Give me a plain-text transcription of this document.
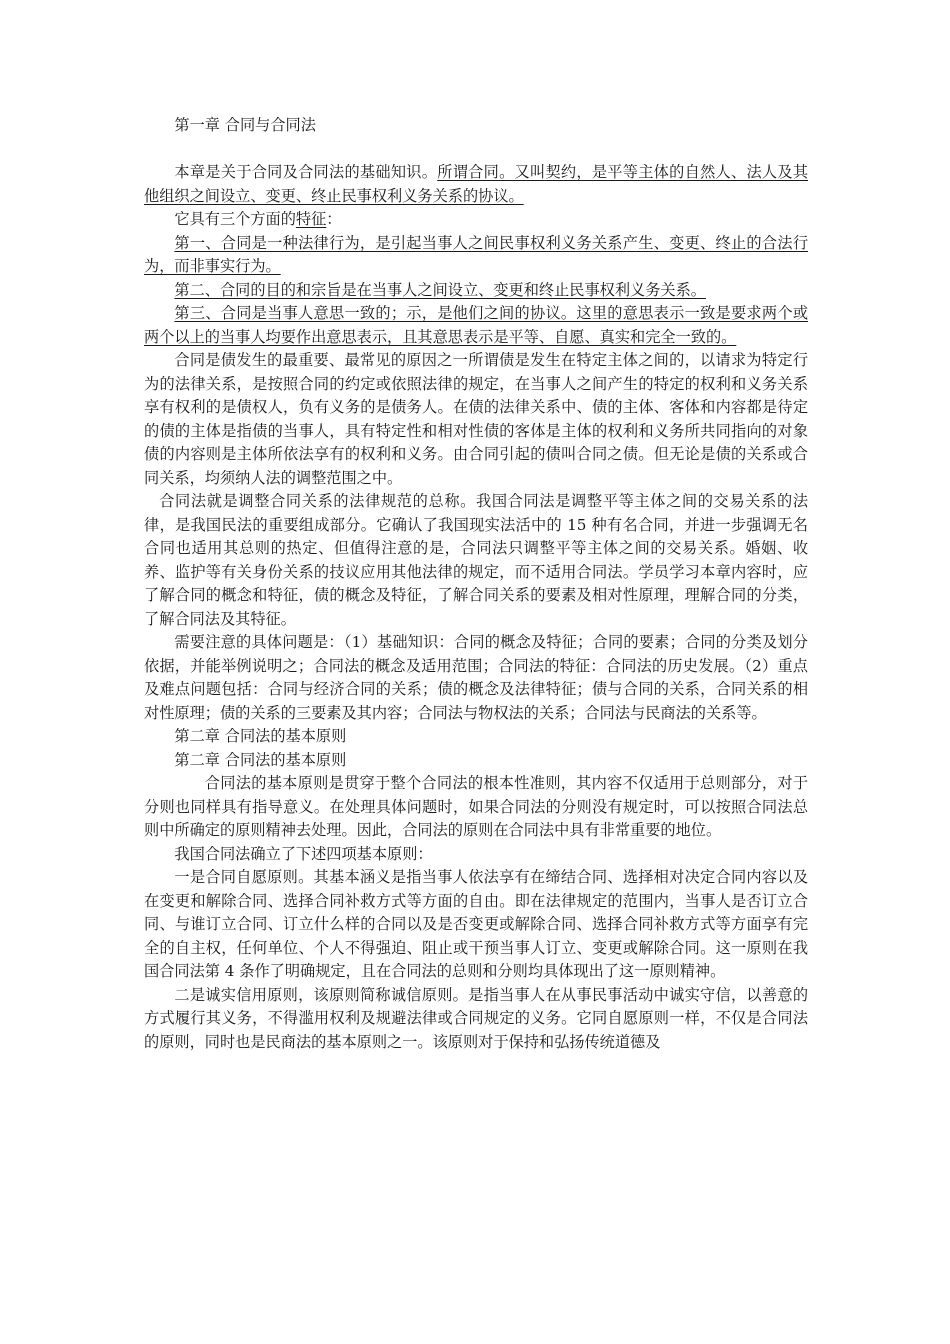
第一章 合同与合同法

本章是关于合同及合同法的基础知识。所谓合同。又叫契约，是平等主体的自然人、法人及其他组织之间设立、变更、终止民事权利义务关系的协议。

它具有三个方面的特征：

第一、合同是一种法律行为，是引起当事人之间民事权利义务关系产生、变更、终止的合法行为，而非事实行为。

第二、合同的目的和宗旨是在当事人之间设立、变更和终止民事权利义务关系。

第三、合同是当事人意思一致的；示，是他们之间的协议。这里的意思表示一致是要求两个或两个以上的当事人均要作出意思表示，且其意思表示是平等、自愿、真实和完全一致的。

合同是债发生的最重要、最常见的原因之一所谓债是发生在特定主体之间的，以请求为特定行为的法律关系，是按照合同的约定或依照法律的规定，在当事人之间产生的特定的权利和义务关系享有权利的是债权人，负有义务的是债务人。在债的法律关系中、债的主体、客体和内容都是待定的债的主体是指债的当事人，具有特定性和相对性债的客体是主体的权利和义务所共同指向的对象债的内容则是主体所依法享有的权利和义务。由合同引起的债叫合同之债。但无论是债的关系或合同关系，均须纳人法的调整范围之中。

合同法就是调整合同关系的法律规范的总称。我国合同法是调整平等主体之间的交易关系的法律，是我国民法的重要组成部分。它确认了我国现实法活中的 15 种有名合同，并进一步强调无名合同也适用其总则的热定、但值得注意的是，合同法只调整平等主体之间的交易关系。婚姻、收养、监护等有关身份关系的技议应用其他法律的规定，而不适用合同法。学员学习本章内容时，应了解合同的概念和特征，债的概念及特征，了解合同关系的要素及相对性原理，理解合同的分类，了解合同法及其特征。

需要注意的具体问题是：（1）基础知识：合同的概念及特征；合同的要素；合同的分类及划分依据，并能举例说明之；合同法的概念及适用范围；合同法的特征：合同法的历史发展。（2）重点及难点问题包括：合同与经济合同的关系；债的概念及法律特征；债与合同的关系，合同关系的相对性原理；债的关系的三要素及其内容；合同法与物权法的关系；合同法与民商法的关系等。

第二章 合同法的基本原则

第二章 合同法的基本原则

合同法的基本原则是贯穿于整个合同法的根本性准则，其内容不仅适用于总则部分，对于分则也同样具有指导意义。在处理具体问题时，如果合同法的分则没有规定时，可以按照合同法总则中所确定的原则精神去处理。因此，合同法的原则在合同法中具有非常重要的地位。

我国合同法确立了下述四项基本原则：

一是合同自愿原则。其基本涵义是指当事人依法享有在缔结合同、选择相对决定合同内容以及在变更和解除合同、选择合同补救方式等方面的自由。即在法律规定的范围内，当事人是否订立合同、与谁订立合同、订立什么样的合同以及是否变更或解除合同、选择合同补救方式等方面享有完全的自主权，任何单位、个人不得强迫、阻止或干预当事人订立、变更或解除合同。这一原则在我国合同法第 4 条作了明确规定，且在合同法的总则和分则均具体现出了这一原则精神。

二是诚实信用原则，该原则简称诚信原则。是指当事人在从事民事活动中诚实守信，以善意的方式履行其义务，不得滥用权利及规避法律或合同规定的义务。它同自愿原则一样，不仅是合同法的原则，同时也是民商法的基本原则之一。该原则对于保持和弘扬传统道德及
